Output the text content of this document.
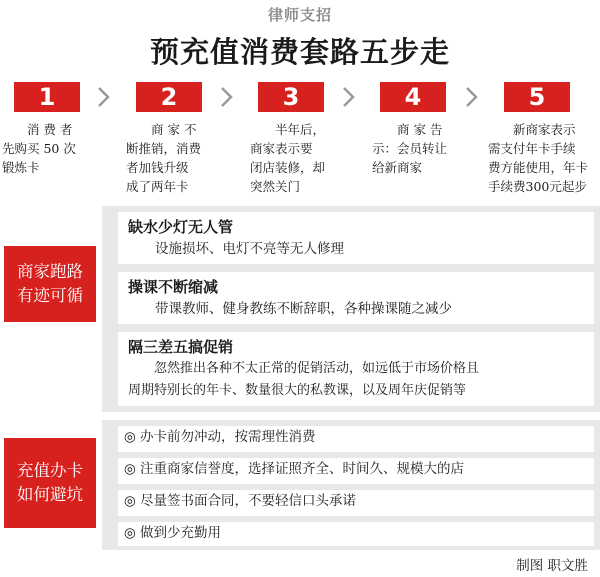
律师支招
预充值消费套路五步走
1	2	3	4	5
　　消 费 者
先购买 50 次
锻炼卡
　　商 家 不
断推销，消费
者加钱升级
成了两年卡
　　半年后，
商家表示要
闭店装修，却
突然关门
　　商 家 告
示：会员转让
给新商家
　　新商家表示
需支付年卡手续
费方能使用，年卡
手续费300元起步
商家跑路
有迹可循
缺水少灯无人管
　　设施损坏、电灯不亮等无人修理
操课不断缩减
　　带课教师、健身教练不断辞职，各种操课随之减少
隔三差五搞促销
　　忽然推出各种不太正常的促销活动，如远低于市场价格且
周期特别长的年卡、数量很大的私教课，以及周年庆促销等
充值办卡
如何避坑
◎ 办卡前勿冲动，按需理性消费
◎ 注重商家信誉度，选择证照齐全、时间久、规模大的店
◎ 尽量签书面合同，不要轻信口头承诺
◎ 做到少充勤用
制图 职文胜
